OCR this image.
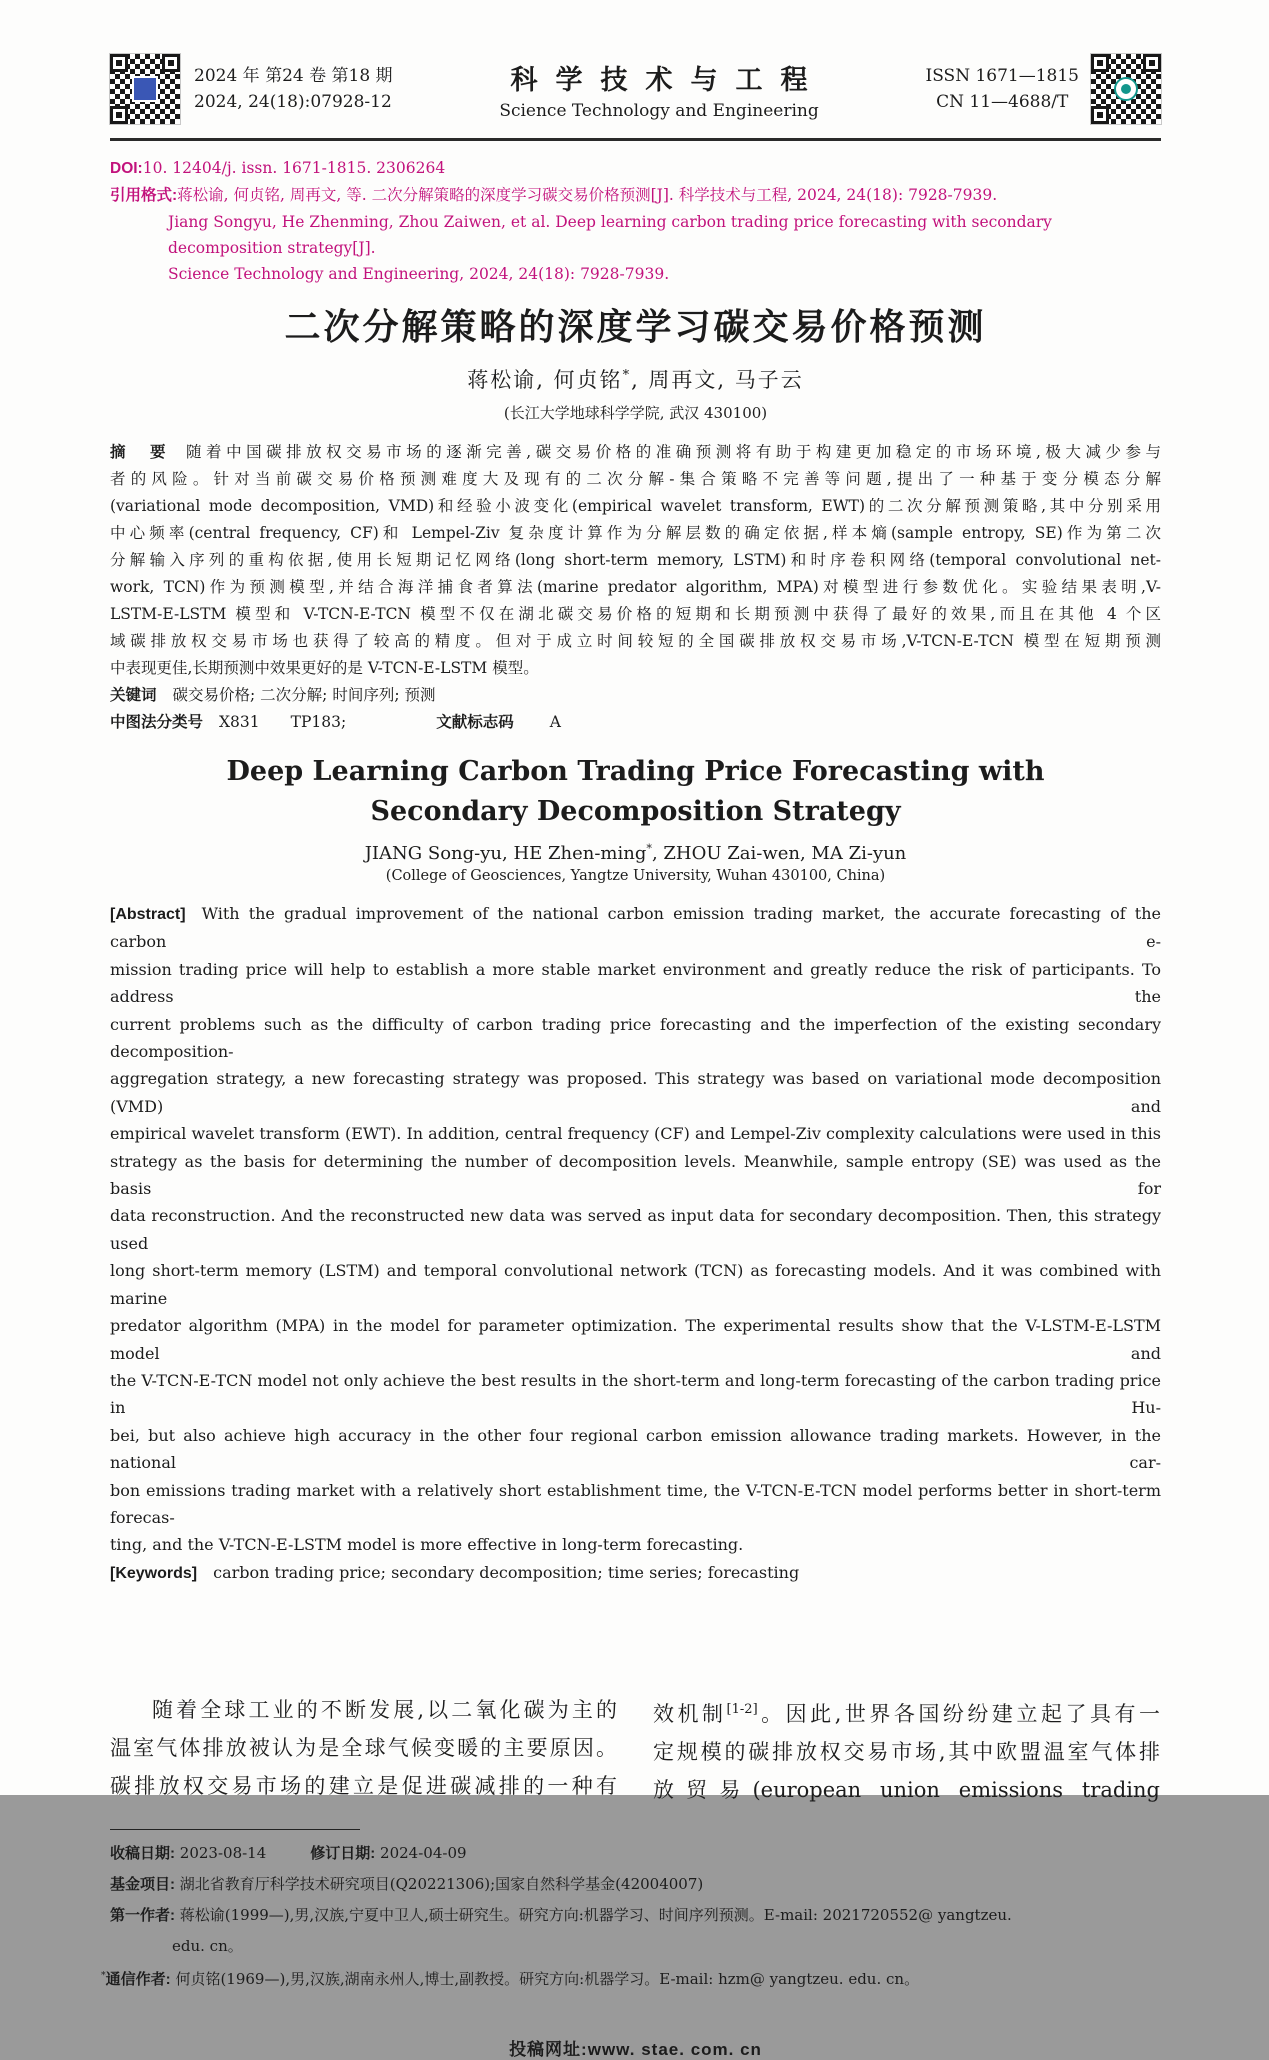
2024 年 第24 卷 第18 期
2024, 24(18):07928-12
科学技术与工程
Science Technology and Engineering
ISSN 1671—1815
CN 11—4688/T
DOI:10. 12404/j. issn. 1671-1815. 2306264
引用格式:蒋松谕, 何贞铭, 周再文, 等. 二次分解策略的深度学习碳交易价格预测[J]. 科学技术与工程, 2024, 24(18): 7928-7939.
Jiang Songyu, He Zhenming, Zhou Zaiwen, et al. Deep learning carbon trading price forecasting with secondary decomposition strategy[J].
Science Technology and Engineering, 2024, 24(18): 7928-7939.
二次分解策略的深度学习碳交易价格预测
蒋松谕, 何贞铭*, 周再文, 马子云
(长江大学地球科学学院, 武汉 430100)
摘　要 随着中国碳排放权交易市场的逐渐完善,碳交易价格的准确预测将有助于构建更加稳定的市场环境,极大减少参与
者的风险。针对当前碳交易价格预测难度大及现有的二次分解-集合策略不完善等问题,提出了一种基于变分模态分解
(variational mode decomposition, VMD)和经验小波变化(empirical wavelet transform, EWT)的二次分解预测策略,其中分别采用
中心频率(central frequency, CF)和 Lempel-Ziv 复杂度计算作为分解层数的确定依据,样本熵(sample entropy, SE)作为第二次
分解输入序列的重构依据,使用长短期记忆网络(long short-term memory, LSTM)和时序卷积网络(temporal convolutional net-
work, TCN)作为预测模型,并结合海洋捕食者算法(marine predator algorithm, MPA)对模型进行参数优化。实验结果表明,V-
LSTM-E-LSTM 模型和 V-TCN-E-TCN 模型不仅在湖北碳交易价格的短期和长期预测中获得了最好的效果,而且在其他 4 个区
域碳排放权交易市场也获得了较高的精度。但对于成立时间较短的全国碳排放权交易市场,V-TCN-E-TCN 模型在短期预测
中表现更佳,长期预测中效果更好的是 V-TCN-E-LSTM 模型。
关键词 碳交易价格; 二次分解; 时间序列; 预测
中图法分类号 X831　　TP183;	文献标志码 A
Deep Learning Carbon Trading Price Forecasting with
Secondary Decomposition Strategy
JIANG Song-yu, HE Zhen-ming*, ZHOU Zai-wen, MA Zi-yun
(College of Geosciences, Yangtze University, Wuhan 430100, China)
[Abstract] With the gradual improvement of the national carbon emission trading market, the accurate forecasting of the carbon e-
mission trading price will help to establish a more stable market environment and greatly reduce the risk of participants. To address the
current problems such as the difficulty of carbon trading price forecasting and the imperfection of the existing secondary decomposition-
aggregation strategy, a new forecasting strategy was proposed. This strategy was based on variational mode decomposition (VMD) and
empirical wavelet transform (EWT). In addition, central frequency (CF) and Lempel-Ziv complexity calculations were used in this
strategy as the basis for determining the number of decomposition levels. Meanwhile, sample entropy (SE) was used as the basis for
data reconstruction. And the reconstructed new data was served as input data for secondary decomposition. Then, this strategy used
long short-term memory (LSTM) and temporal convolutional network (TCN) as forecasting models. And it was combined with marine
predator algorithm (MPA) in the model for parameter optimization. The experimental results show that the V-LSTM-E-LSTM model and
the V-TCN-E-TCN model not only achieve the best results in the short-term and long-term forecasting of the carbon trading price in Hu-
bei, but also achieve high accuracy in the other four regional carbon emission allowance trading markets. However, in the national car-
bon emissions trading market with a relatively short establishment time, the V-TCN-E-TCN model performs better in short-term forecas-
ting, and the V-TCN-E-LSTM model is more effective in long-term forecasting.
[Keywords] carbon trading price; secondary decomposition; time series; forecasting
随着全球工业的不断发展,以二氧化碳为主的
温室气体排放被认为是全球气候变暖的主要原因。
碳排放权交易市场的建立是促进碳减排的一种有
效机制[1-2]。因此,世界各国纷纷建立起了具有一
定规模的碳排放权交易市场,其中欧盟温室气体排
放贸易(european union emissions trading
收稿日期: 2023-08-14	修订日期: 2024-04-09
基金项目: 湖北省教育厅科学技术研究项目(Q20221306);国家自然科学基金(42004007)
第一作者: 蒋松谕(1999—),男,汉族,宁夏中卫人,硕士研究生。研究方向:机器学习、时间序列预测。E-mail: 2021720552@ yangtzeu.
edu. cn。
*通信作者: 何贞铭(1969—),男,汉族,湖南永州人,博士,副教授。研究方向:机器学习。E-mail: hzm@ yangtzeu. edu. cn。
投稿网址:www. stae. com. cn
